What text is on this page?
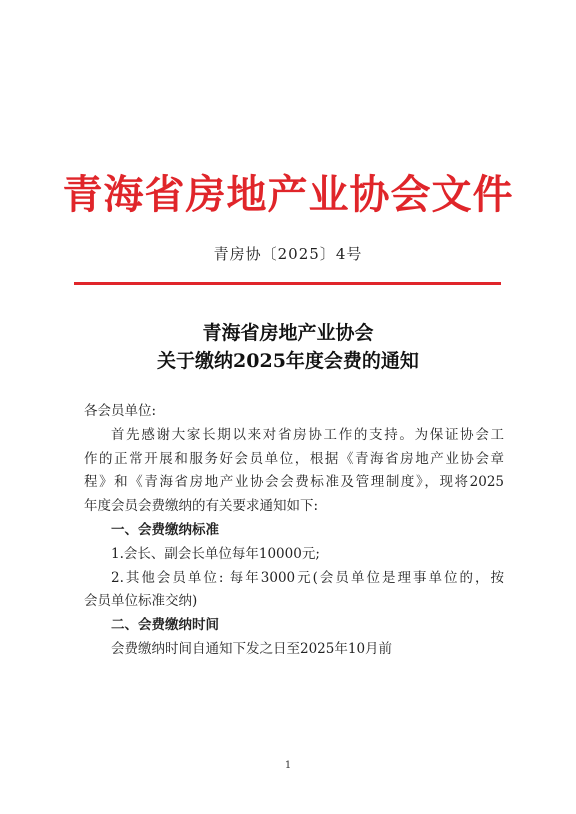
青海省房地产业协会文件
青房协〔2025〕4号
青海省房地产业协会
关于缴纳2025年度会费的通知

各会员单位:

首先感谢大家长期以来对省房协工作的支持。为保证协会工

作的正常开展和服务好会员单位，根据《青海省房地产业协会章

程》和《青海省房地产业协会会费标准及管理制度》，现将2025

年度会员会费缴纳的有关要求通知如下:

一、会费缴纳标准

1.会长、副会长单位每年10000元;

2.其他会员单位: 每年3000元(会员单位是理事单位的，按

会员单位标准交纳)

二、会费缴纳时间

会费缴纳时间自通知下发之日至2025年10月前

1
